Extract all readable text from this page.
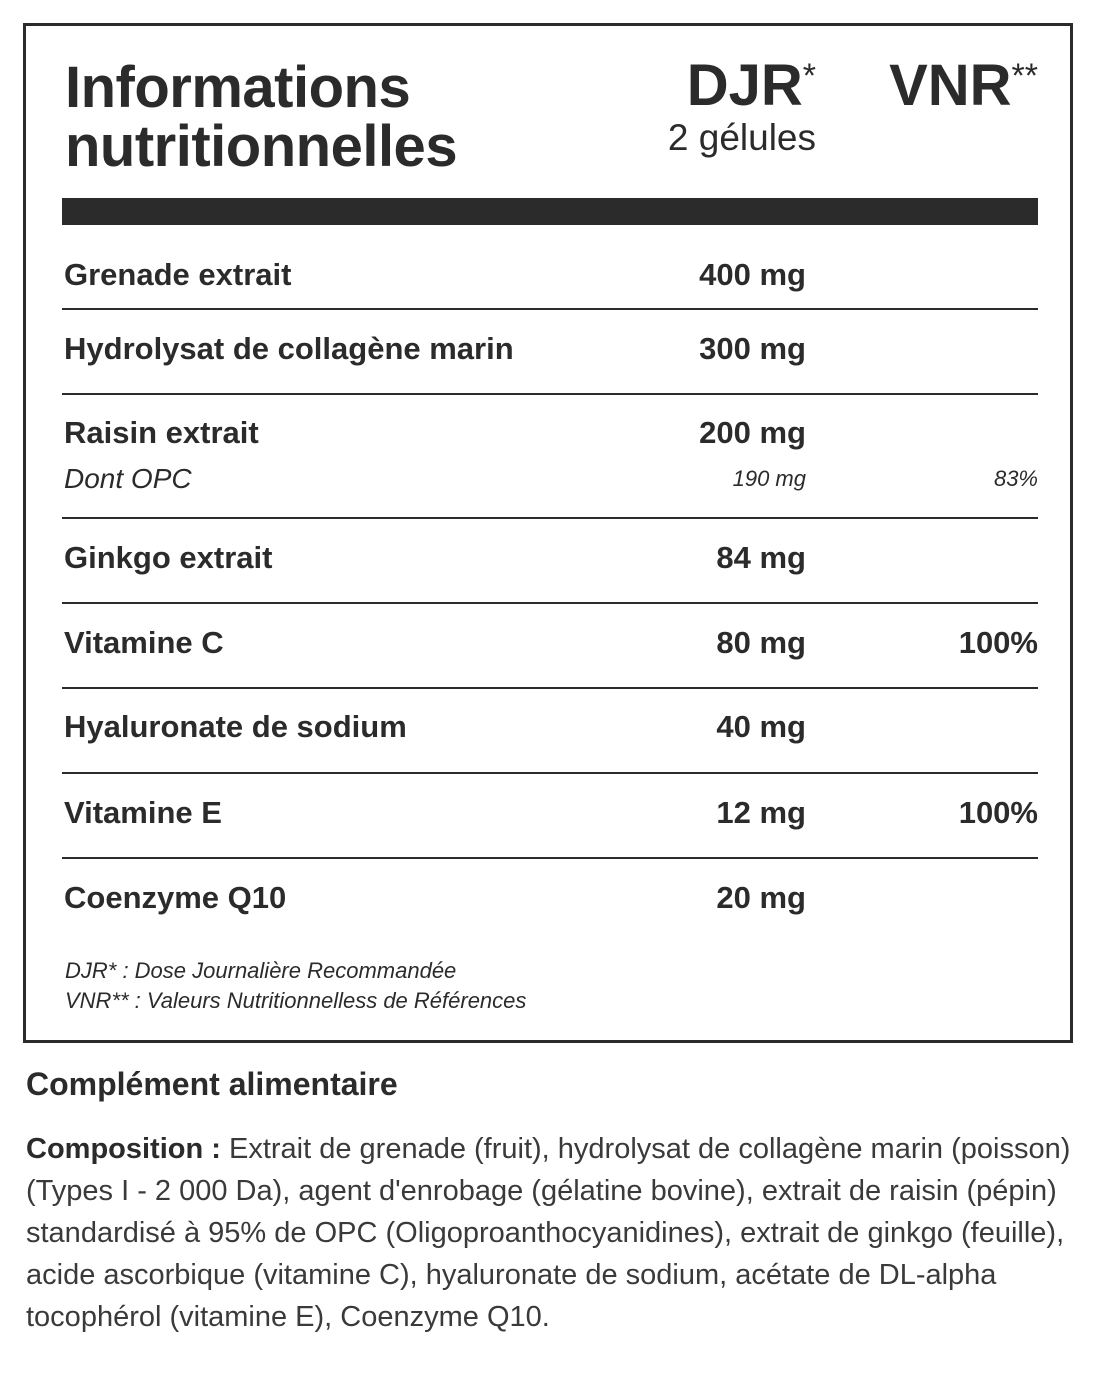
Informations
nutritionnelles
DJR*
2 gélules
VNR**
Grenade extrait	400 mg
Hydrolysat de collagène marin	300 mg
Raisin extrait	200 mg
Dont OPC	190 mg	83%
Ginkgo extrait	84 mg
Vitamine C	80 mg	100%
Hyaluronate de sodium	40 mg
Vitamine E	12 mg	100%
Coenzyme Q10	20 mg
DJR* : Dose Journalière Recommandée
VNR** : Valeurs Nutritionnelless de Références
Complément alimentaire
Composition : Extrait de grenade (fruit), hydrolysat de collagène marin (poisson) (Types I - 2 000 Da), agent d'enrobage (gélatine bovine), extrait de raisin (pépin) standardisé à 95% de OPC (Oligoproanthocyanidines), extrait de ginkgo (feuille), acide ascorbique (vitamine C), hyaluronate de sodium, acétate de DL-alpha tocophérol (vitamine E), Coenzyme Q10.
